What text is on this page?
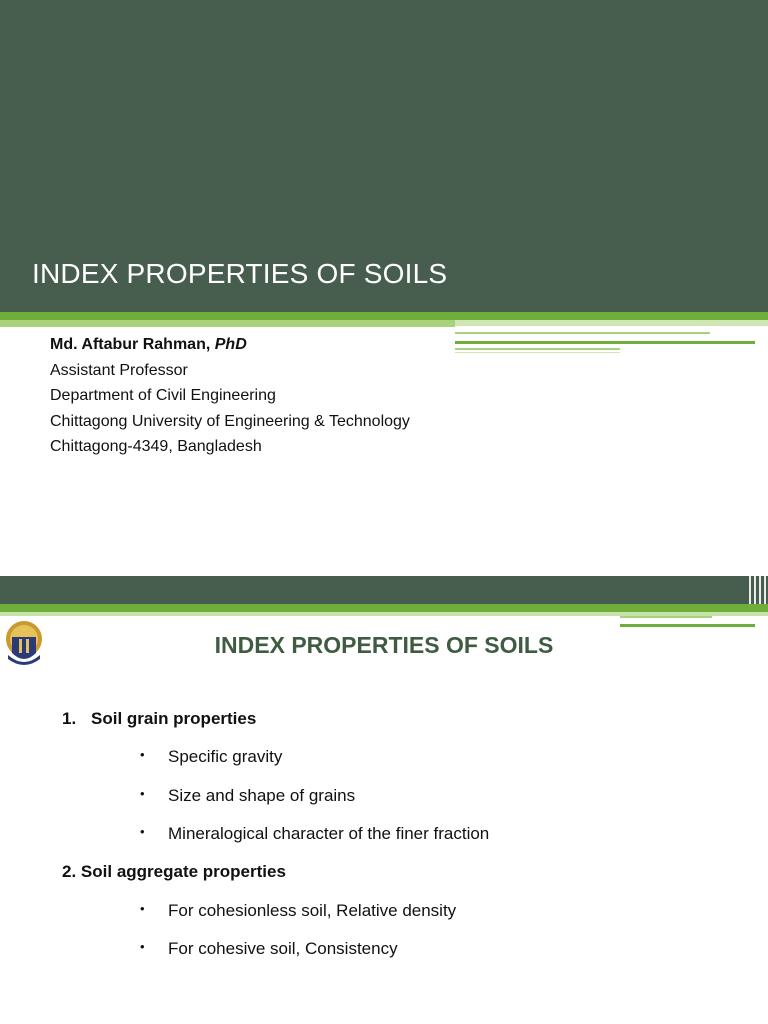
INDEX PROPERTIES OF SOILS
Md. Aftabur Rahman, PhD
Assistant Professor
Department of Civil Engineering
Chittagong University of Engineering & Technology
Chittagong-4349, Bangladesh
INDEX PROPERTIES OF SOILS
1. Soil grain properties
• Specific gravity
• Size and shape of grains
• Mineralogical character of the finer fraction
2. Soil aggregate properties
• For cohesionless soil, Relative density
• For cohesive soil, Consistency
